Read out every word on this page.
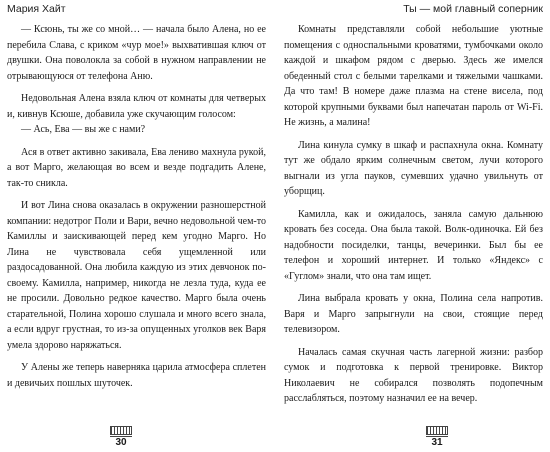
Мария Хайт

— Ксюнь, ты же со мной… — начала было Алена, но ее перебила Слава, с криком «чур мое!» выхватившая ключ от двушки. Она поволокла за собой в нужном направлении не отрывающуюся от телефона Аню.

Недовольная Алена взяла ключ от комнаты для четверых и, кивнув Ксюше, добавила уже скучающим голосом:

— Ась, Ева — вы же с нами?

Ася в ответ активно закивала, Ева лениво махнула рукой, а вот Марго, желающая во всем и везде подгадить Алене, так-то сникла.

И вот Лина снова оказалась в окружении разношерстной компании: недотрог Поли и Вари, вечно недовольной чем-то Камиллы и заискивающей перед кем угодно Марго. Но Лина не чувствовала себя ущемленной или раздосадованной. Она любила каждую из этих девчонок по-своему. Камилла, например, никогда не лезла туда, куда ее не просили. Довольно редкое качество. Марго была очень старательной, Полина хорошо слушала и много всего знала, а если вдруг грустная, то из-за опущенных уголков век Варя умела здорово наряжаться.

У Алены же теперь наверняка царила атмосфера сплетен и девичьих пошлых шуточек.

30
Ты — мой главный соперник

Комнаты представляли собой небольшие уютные помещения с односпальными кроватями, тумбочками около каждой и шкафом рядом с дверью. Здесь же имелся обеденный стол с белыми тарелками и тяжелыми чашками. Да что там! В номере даже плазма на стене висела, под которой крупными буквами был напечатан пароль от Wi-Fi. Не жизнь, а малина!

Лина кинула сумку в шкаф и распахнула окна. Комнату тут же обдало ярким солнечным светом, лучи которого выгнали из угла пауков, сумевших удачно увильнуть от уборщиц.

Камилла, как и ожидалось, заняла самую дальнюю кровать без соседа. Она была такой. Волк-одиночка. Ей без надобности посиделки, танцы, вечеринки. Был бы ее телефон и хороший интернет. И только «Яндекс» с «Гуглом» знали, что она там ищет.

Лина выбрала кровать у окна, Полина села напротив. Варя и Марго запрыгнули на свои, стоящие перед телевизором.

Началась самая скучная часть лагерной жизни: разбор сумок и подготовка к первой тренировке. Виктор Николаевич не собирался позволять подопечным расслабляться, поэтому назначил ее на вечер.

31
